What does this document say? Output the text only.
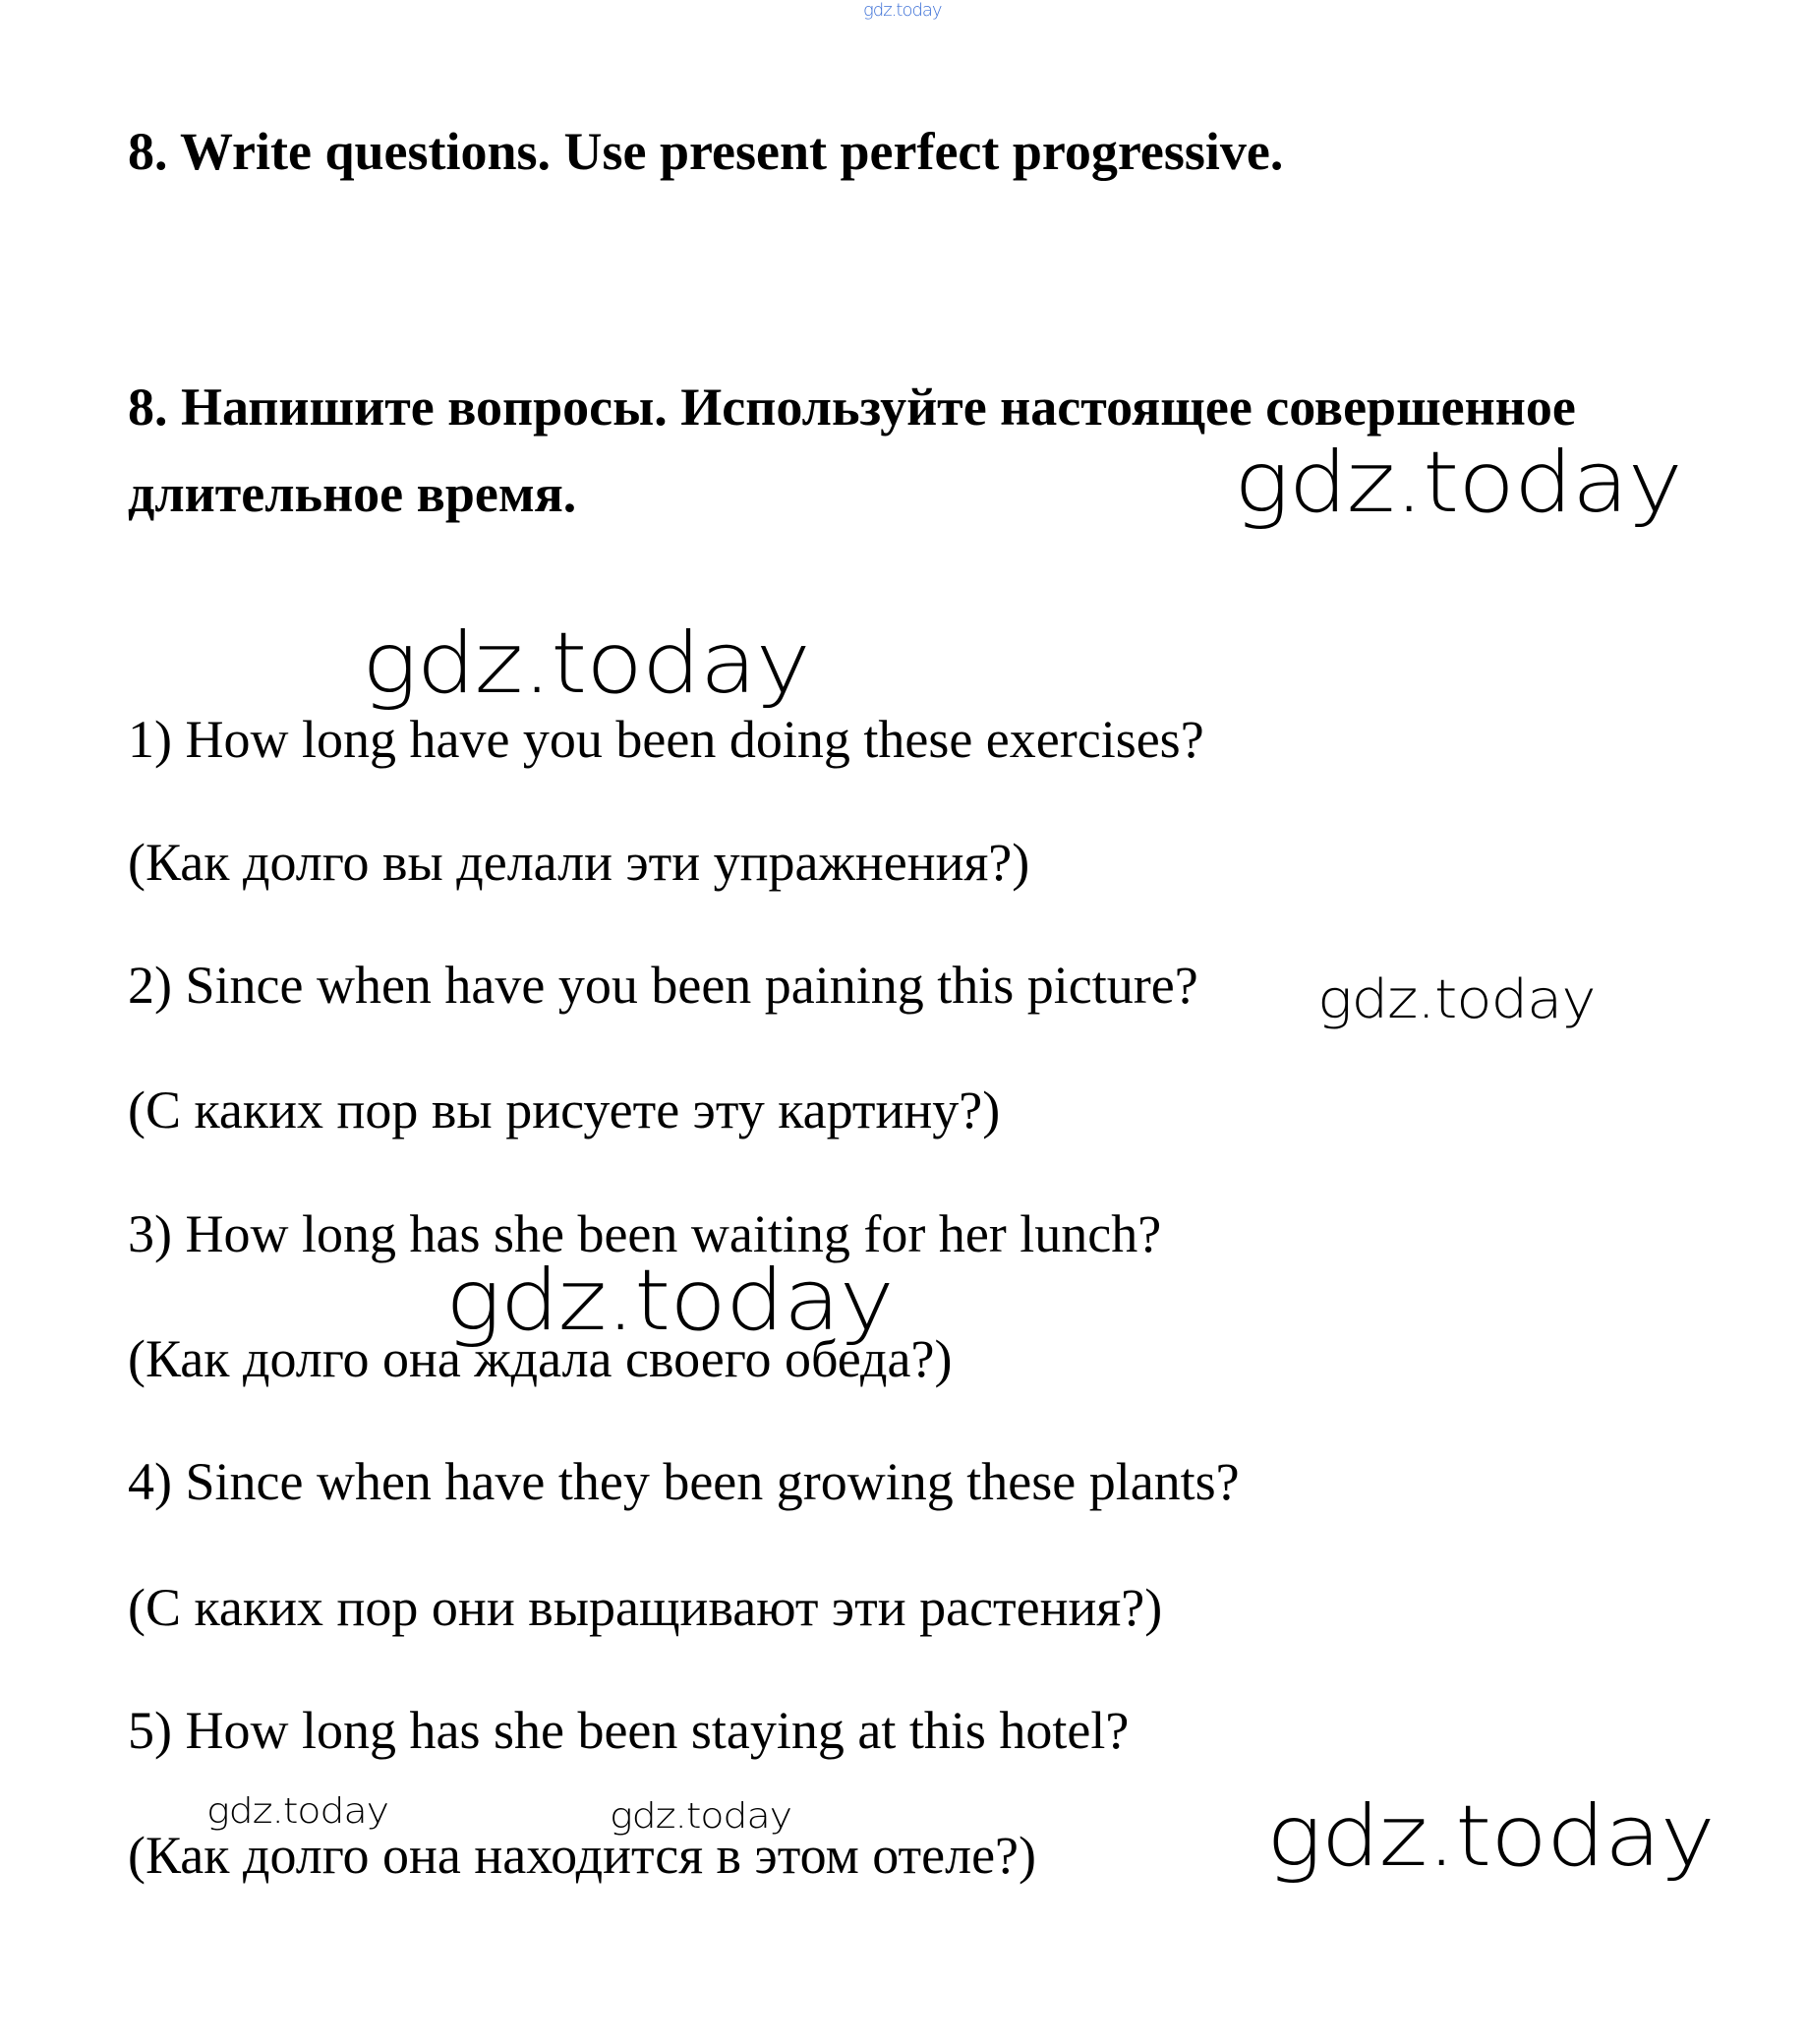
gdz.today
8. Write questions. Use present perfect progressive.
8. Напишите вопросы. Используйте настоящее совершенное длительное время.	gdz.today
gdz.today

1) How long have you been doing these exercises?

(Как долго вы делали эти упражнения?)

2) Since when have you been paining this picture? gdz.today

(С каких пор вы рисуете эту картину?)

3) How long has she been waiting for her lunch?

(Как долго она ждала своего обеда?)

gdz.today

4) Since when have they been growing these plants?

(С каких пор они выращивают эти растения?)

5) How long has she been staying at this hotel?

gdz.today	gdz.today

(Как долго она находится в этом отеле?)	gdz.today
